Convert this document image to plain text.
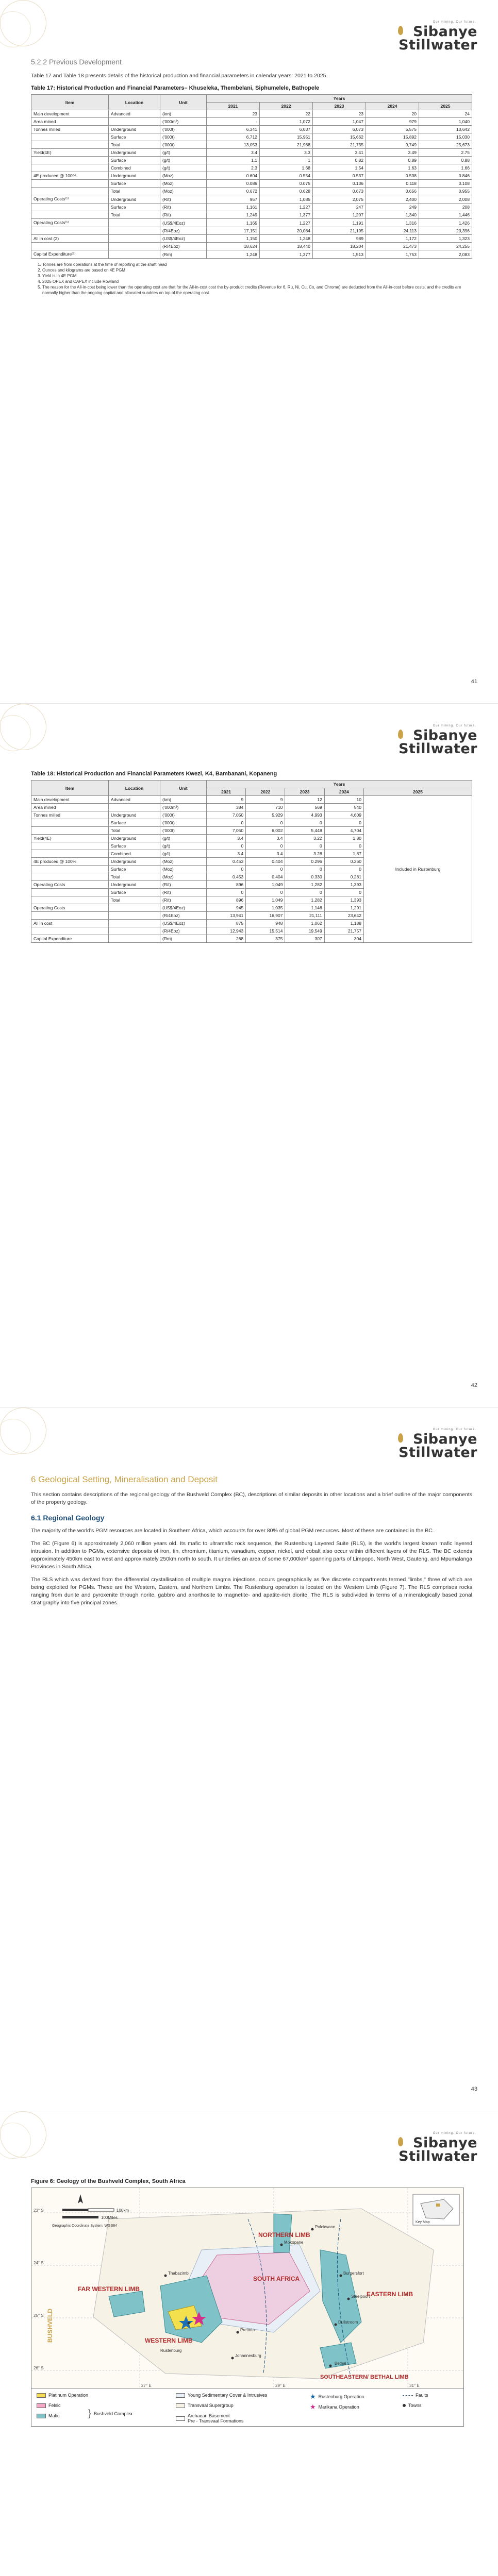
Our mining. Our future.
Sibanye
Stillwater
5.2.2 Previous Development

Table 17 and Table 18 presents details of the historical production and financial parameters in calendar years: 2021 to 2025.

Table 17: Historical Production and Financial Parameters– Khuseleka, Thembelani, Siphumelele, Bathopele
Item	Location	Unit	Years				
			2021	2022	2023	2024	2025
Main development	Advanced	(km)	23	22	23	20	24
Area mined		('000m²)	-	1,072	1,047	979	1,040
Tonnes milled	Underground	('000t)	6,341	6,037	6,073	5,575	10,642
	Surface	('000t)	6,712	15,951	15,662	15,892	15,030
	Total	('000t)	13,053	21,988	21,735	9,749	25,673
Yield(4E)	Underground	(g/t)	3.4	3.3	3.41	3.49	2.75
	Surface	(g/t)	1.1	1	0.82	0.89	0.88
	Combined	(g/t)	2.3	1.68	1.54	1.63	1.66
4E produced @ 100%	Underground	(Moz)	0.604	0.554	0.537	0.538	0.846
	Surface	(Moz)	0.086	0.075	0.136	0.118	0.108
	Total	(Moz)	0.672	0.628	0.673	0.656	0.955
Operating Costs⁽¹⁾	Underground	(R/t)	957	1,085	2,075	2,400	2,008
	Surface	(R/t)	1,161	1,227	247	249	208
	Total	(R/t)	1,249	1,377	1,207	1,340	1,446
Operating Costs⁽¹⁾		(US$/4Eoz)	1,165	1,227	1,191	1,316	1,426
		(R/4Eoz)	17,151	20,084	21,195	24,113	20,396
All in cost (2)		(US$/4Eoz)	1,150	1,248	989	1,172	1,323
		(R/4Eoz)	18,624	18,440	18,204	21,473	24,255
Capital Expenditure⁽³⁾		(Rm)	1,248	1,377	1,513	1,753	2,083
1. Tonnes are from operations at the time of reporting at the shaft head
2. Ounces and kilograms are based on 4E PGM
3. Yield is in 4E PGM
4. 2025 OPEX and CAPEX include Rowland
5. The reason for the All-in-cost being lower than the operating cost are that for the All-in-cost cost the by-product credits (Revenue for 6, Ru, Ni, Cu, Co, and Chrome) are deducted from the All-in-cost before costs, and the credits are normally higher than the ongoing capital and allocated sundries on top of the operating cost
41
Our mining. Our future.
Sibanye
Stillwater
Table 18: Historical Production and Financial Parameters Kwezi, K4, Bambanani, Kopaneng
Item	Location	Unit	Years				
			2021	2022	2023	2024	2025
Main development	Advanced	(km)	9	9	12	10	Included in Rustenburg
Area mined		('000m²)	384	710	569	540	
Tonnes milled	Underground	('000t)	7,050	5,929	4,993	4,609	
	Surface	('000t)	0	0	0	0	
	Total	('000t)	7,050	6,002	5,448	4,704	
Yield(4E)	Underground	(g/t)	3.4	3.4	3.22	1.80	
	Surface	(g/t)	0	0	0	0	
	Combined	(g/t)	3.4	3.4	3.28	1.87	
4E produced @ 100%	Underground	(Moz)	0.453	0.404	0.296	0.260	
	Surface	(Moz)	0	0	0	0	
	Total	(Moz)	0.453	0.404	0.330	0.281	
Operating Costs	Underground	(R/t)	896	1,049	1,282	1,393	
	Surface	(R/t)	0	0	0	0	
	Total	(R/t)	896	1,049	1,282	1,393	
Operating Costs		(US$/4Eoz)	945	1,035	1,146	1,291	
		(R/4Eoz)	13,941	16,907	21,111	23,642	
All in cost		(US$/4Eoz)	875	948	1,062	1,188	
		(R/4Eoz)	12,943	15,514	19,549	21,757	
Capital Expenditure		(Rm)	268	375	307	304	
42
Our mining. Our future.
Sibanye
Stillwater
6 Geological Setting, Mineralisation and Deposit

This section contains descriptions of the regional geology of the Bushveld Complex (BC), descriptions of similar deposits in other locations and a brief outline of the major components of the property geology.

6.1 Regional Geology

The majority of the world's PGM resources are located in Southern Africa, which accounts for over 80% of global PGM resources. Most of these are contained in the BC.

The BC (Figure 6) is approximately 2,060 million years old. Its mafic to ultramafic rock sequence, the Rustenburg Layered Suite (RLS), is the world's largest known mafic layered intrusion. In addition to PGMs, extensive deposits of iron, tin, chromium, titanium, vanadium, copper, nickel, and cobalt also occur within different layers of the RLS. The BC extends approximately 450km east to west and approximately 250km north to south. It underlies an area of some 67,000km² spanning parts of Limpopo, North West, Gauteng, and Mpumalanga Provinces in South Africa.

The RLS which was derived from the differential crystallisation of multiple magma injections, occurs geographically as five discrete compartments termed "limbs," three of which are being exploited for PGMs. These are the Western, Eastern, and Northern Limbs. The Rustenburg operation is located on the Western Limb (Figure 7). The RLS comprises rocks ranging from dunite and pyroxenite through norite, gabbro and anorthosite to magnetite- and apatite-rich diorite. The RLS is subdivided in terms of a mineralogically based zonal stratigraphy into five principal zones.

43
Our mining. Our future.
Sibanye
Stillwater
Figure 6: Geology of the Bushveld Complex, South Africa
NORTHERN LIMB
SOUTH AFRICA
EASTERN LIMB
FAR WESTERN LIMB
WESTERN LIMB
SOUTHEASTERN/ BETHAL LIMB
BUSHVELD
Mokopane
Polokwane
Burgersfort
Rustenburg
Pretoria
Johannesburg
Thabazimbi
Steelpoort
Dullstroom
Bethal
100km
100Miles
Geographic Coordinate System: WGS84
Key Map
23° S
24° S
25° S
26° S
27° E	29° E	31° E
Platinum Operation
Felsic
Mafic	} Bushveld Complex
Young Sedimentary Cover & Intrusives
Transvaal Supergroup
Archaean Basement
Pre - Transvaal Formations
★ Rustenburg Operation
★ Marikana Operation
Faults
Towns
